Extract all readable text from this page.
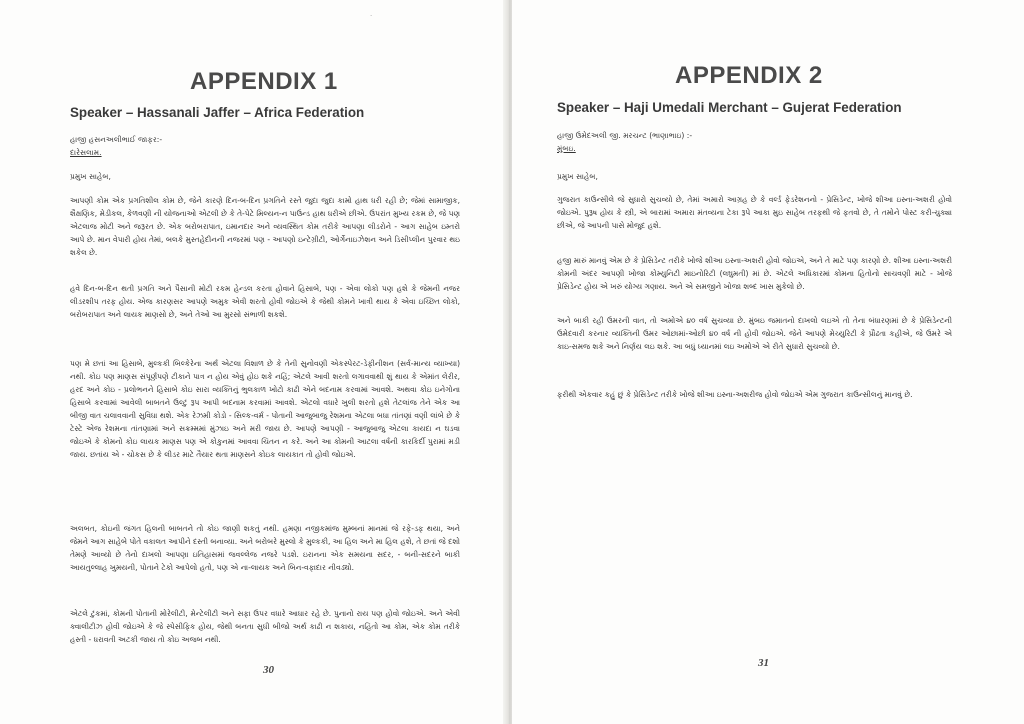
·
APPENDIX 1
Speaker – Hassanali Jaffer – Africa Federation
હાજી હસનઅલીભાઈ જાફર:-
દારેસલામ.
પ્રમુખ સાહેબ,

આપણી કોમ એક પ્રગતિશીલ કોમ છે, જેને કારણે દિન-બ-દિન પ્રગતિને રસ્તે જુદા જુદા કામો હાથ ધરી રહી છે; જેમાં સામાજીક, શૈક્ષણિક, મેડીકલ, કેળવણી ની યોજનાઓ એટલી છે કે તે-પેટે મિલ્યન-ન પાઉન્ડ હાથ ધરીએ છીએ. ઉપરાંત મુખ્ય રકમ છે, જે પણ એટલાજ મોટી અને જરૂરત છે. એક બરોબરાપાત, ઇમાનદાર અને વ્યવસ્થિત કોમ તરીકે આપણા લીડરોને - આગ સાહેબ ઇમ્તરો આપે છે. માન વેપારી હોય તેમાં, બલકે મુસ્તહેદીનની નજરમાં પણ - આપણો ઇન્ટેગ્રીટી, ઓર્ગેનાઇઝેશન અને ડિસીપ્લીન પુરવાર થઇ શકેલ છે.

હવે દિન-બ-દિન થતી પ્રગતિ અને પૈસાની મોટી રકમ હેન્ડલ કરતા હોવાને હિસાબે, પણ - એવા લોકો પણ હશે કે જેમની નજર લીડરશીપ તરફ હોય. એજ કારણસર આપણે અમુક એવી શરતો હોવી જોઇએ કે જેથી કોમને ખાત્રી થાય કે એવા ઇચ્છિત લોકો, બરોબરાપાત અને લાયક માણસો છે, અને તેઓ આ મુરસો સંભાળી શકશે.

પણ મે છતાં આ હિસાબે, મુલ્કકી બિલ્કેરેના અર્થ એટલા વિશાળ છે કે તેની સુનોવણી એકસ્પેરટ-ડેફીનીશન (સર્વ-માન્ય વ્યાખ્યા) નથી. કોઇ પણ માણસ સંપૂર્ણપણે ટીકાને પાત્ર ન હોય એવું હોઇ શકે નહિં; એટલે આવી શરતો લગાવવાથી શું થાય કે એમાંત લેરીર, હરદ અને કોઇ - પ્રલોભનને હિસાબે કોઇ સારા વ્યક્તિનું ભુલકાળ ખોટો કાઢી એને બદનામ કરવામાં આવશે. અથવા કોઇ ઇનેગોના હિસાબે કરવામાં આવેલી બાબતને ઉલ્ટું રૂપ આપી બદનામ કરવામાં આવશે. એટલો વધારે ખુલી શરતો હશે તેટલાંજ તેને એક આ બીજી વાત ચલાવવાની સુવિધા થશે. એક રેઝમી કોડો - સિલ્ક-વર્મ - પોતાની આજુબાજુ રેશમના એટલા બધા તાંતણાં વણી લાંબે છે કે ટેસ્ટે એજ રેશમના તાંતણામાં અને સક્રમ્મમાં મુંઝાઇ અને મરી જાય છે. આપણે આપણી - આજુબાજુ એટલા કાયદા ન ઘડવા જોઇએ કે કોમનો કોઇ લાયક માણસ પણ એ કોકુનમાં આવવા ચિંતન ન કરે. અને આ કોમની આટલા વર્ષની કારકિર્દી પુરામાં મડી જાય. છતાંય એ - ચોકસ છે કે લીડર માટે તૈયાર થતા માણસને કોઇક લાયકાત તો હોવી જોઇએ.

અલબત, કોઇની જંગત હિલની બાબતને તો કોઇ જાણી શકતું નથી. હમણા નજીકમાંજ મુમ્બનાં માનમાં જે રફે-ડફ થયા, અને જેમને આગ સાહેબે પોતે વકાલત આપીને દસ્તી બનાવ્યા. અને બરોબરે મુસ્લો કે મુલ્કકી, આ હિલ અને મા હિલ હશે, તે છતાં જે દશો તેમણે આવ્યો છે તેનો દાખલો આપણા ઇતિહાસમાં જવલ્લેજ નજરે પડશે. ઇરાનના એક સમયના સદર, - બની-સદરને બાકી આયતુલ્લાહ ખુમયની, પોતાને ટેકો આપેલો હતો, પણ એ ના-લાયક અને બિન-વફાદાર નીવડ્યો.

એટલે ટુંકમાં, કોમની પોતાની મોરેલીટી, મેન્ટેલીટી અને સફા ઉપર વધારે આધાર રહે છે. પુનાનો રાય પણ હોવો જોઇએ. અને એવી ક્વાલીટીઝ હોવી જોઇએ કે જે સ્પેસીફિક હોય, જેથી બનતા સુધી બીજો અર્થ કાઢી ન શકાય, નહિંતો આ કોમ, એક કોમ તરીકે હસ્તી - ધરાવતી અટકી જાય તો કોઇ અજબ નથી.

30
APPENDIX 2
Speaker – Haji Umedali Merchant – Gujerat Federation
હાજી ઉમેદઅલી જી. મરચન્ટ (ભાણાભાઇ) :-
મુંબઇ.
પ્રમુખ સાહેબ,

ગુજરાત કાઉન્સીલે જે સુધારો સુચવ્યો છે, તેમાં અમારો આગ્રહ છે કે વર્લ્ડ ફેડરેશનનો - પ્રેસિડેન્ટ, ખોજે શીઆ ઇસ્ના-અશરી હોવો જોઇએ. પુરૂષ હોય કે સ્ત્રી, એ બારામાં અમારા મંતવ્યના ટેકા રૂપે આકા મુઇ સાહેબ તરફથી જે ફતવો છે, તે તમોને પોસ્ટ કરી-ચુક્યા છીએ, જે આપની પાસે મોજુદ હશે.

હજી મારું માનવું એમ છે કે પ્રેસિડેન્ટ તરીકે ખોજે શીઆ ઇસ્ના-અશરી હોવો જોઇએ, અને તે માટે પણ કારણો છે. શીઆ ઇસ્ના-અશરી કોમની અંદર આપણી ખોજા કોમ્યુનિટી માઇનોરિટી (લઘુમતી) માં છે. એટલે અધિકારમાં કોમના હિતોનો સાચવણી માટે - ખોજે પ્રેસિડેન્ટ હોય એ ખરું યોગ્ય ગણાય. અને એ સમજીને ખોજા શબ્દ ખાસ મુકેલો છે.

અને બાકી રહી ઉમરની વાત, તો અમોએ ૪૦ વર્ષ સુચવ્યા છે. મુંબઇ જમાતનો દાખલો લઇએ તો તેના બંધારણમાં છે કે પ્રેસિડેન્ટની ઉમેદવારી કરનાર વ્યક્તિની ઉમર ઓછામાં-ઓછી ૪૦ વર્ષ ની હોવી જોઇએ. જેને આપણે મેચ્યુરિટી કે પ્રૌઢતા કહીએ, જે ઉમરે એ કાઇ-સમજ શકે અને નિર્ણય લઇ શકે. આ બધું ધ્યાનમાં લઇ અમોએ એ રીતે સુધારો સુચવ્યો છે.

ફરીથી એકવાર કહું છું કે પ્રેસિડેન્ટ તરીકે ખોજે શીઆ ઇસ્ના-અશરીજ હોવો જોઇએ એમ ગુજરાત કાઉન્સીલનું માનવું છે.

31
